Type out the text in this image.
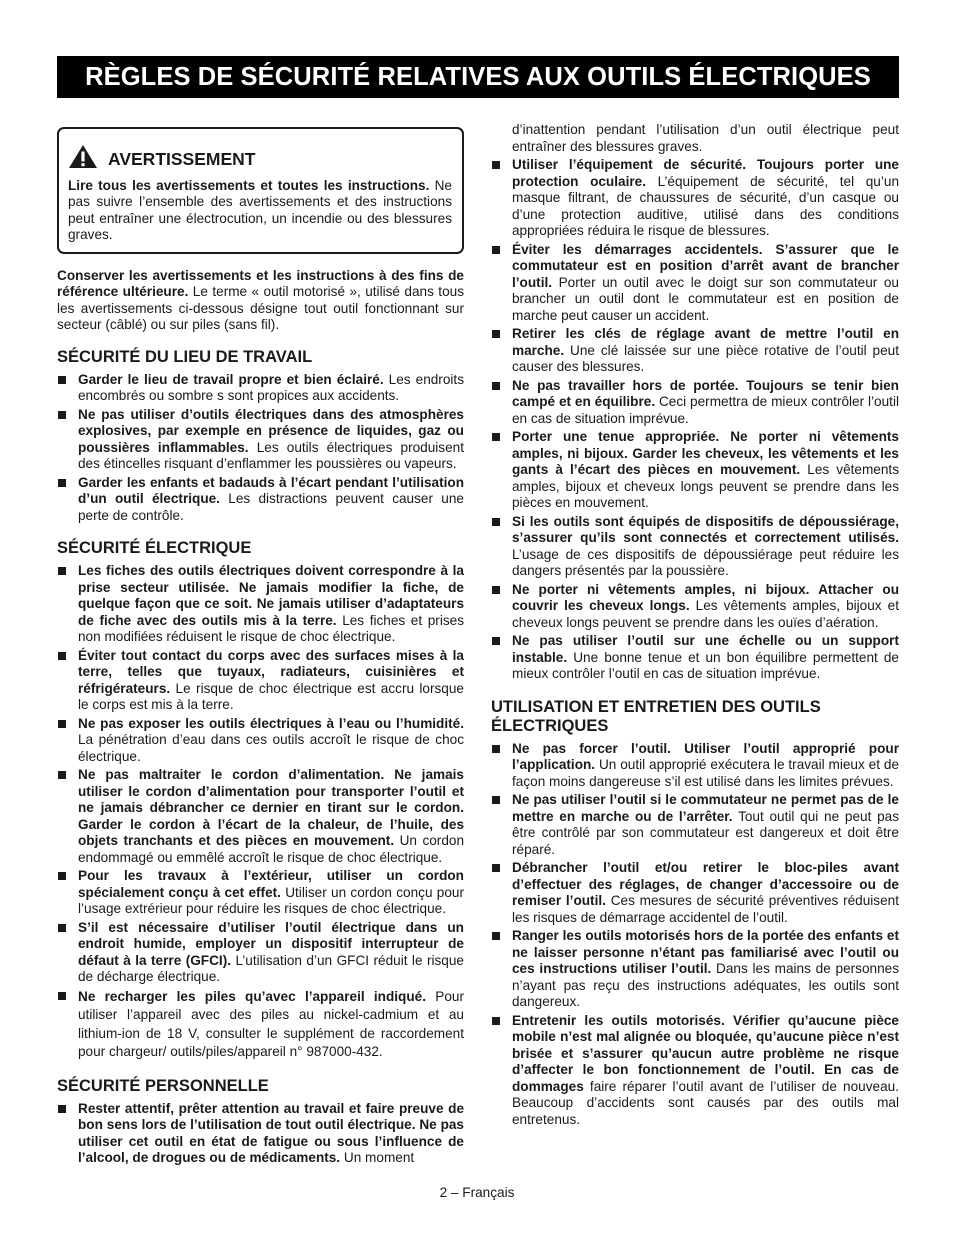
RÈGLES DE SÉCURITÉ RELATIVES AUX OUTILS ÉLECTRIQUES
AVERTISSEMENT
Lire tous les avertissements et toutes les instructions. Ne pas suivre l’ensemble des avertissements et des instructions peut entraîner une électrocution, un incendie ou des blessures graves.

Conserver les avertissements et les instructions à des fins de référence ultérieure. Le terme « outil motorisé », utilisé dans tous les avertissements ci-dessous désigne tout outil fonctionnant sur secteur (câblé) ou sur piles (sans fil).

SÉCURITÉ DU LIEU DE TRAVAIL
Garder le lieu de travail propre et bien éclairé. Les endroits encombrés ou sombre s sont propices aux accidents.
Ne pas utiliser d’outils électriques dans des atmosphères explosives, par exemple en présence de liquides, gaz ou poussières inflammables. Les outils électriques produisent des étincelles risquant d’enflammer les poussières ou vapeurs.
Garder les enfants et badauds à l’écart pendant l’utilisation d’un outil électrique. Les distractions peuvent causer une perte de contrôle.
SÉCURITÉ ÉLECTRIQUE
Les fiches des outils électriques doivent correspondre à la prise secteur utilisée. Ne jamais modifier la fiche, de quelque façon que ce soit. Ne jamais utiliser d’adaptateurs de fiche avec des outils mis à la terre. Les fiches et prises non modifiées réduisent le risque de choc électrique.
Éviter tout contact du corps avec des surfaces mises à la terre, telles que tuyaux, radiateurs, cuisinières et réfrigérateurs. Le risque de choc électrique est accru lorsque le corps est mis à la terre.
Ne pas exposer les outils électriques à l’eau ou l’humidité. La pénétration d’eau dans ces outils accroît le risque de choc électrique.
Ne pas maltraiter le cordon d’alimentation. Ne jamais utiliser le cordon d’alimentation pour transporter l’outil et ne jamais débrancher ce dernier en tirant sur le cordon. Garder le cordon à l’écart de la chaleur, de l’huile, des objets tranchants et des pièces en mouvement. Un cordon endommagé ou emmêlé accroît le risque de choc électrique.
Pour les travaux à l’extérieur, utiliser un cordon spécialement conçu à cet effet. Utiliser un cordon conçu pour l’usage extrérieur pour réduire les risques de choc électrique.
S’il est nécessaire d’utiliser l’outil électrique dans un endroit humide, employer un dispositif interrupteur de défaut à la terre (GFCI). L’utilisation d’un GFCI réduit le risque de décharge électrique.
Ne recharger les piles qu’avec l’appareil indiqué. Pour utiliser l’appareil avec des piles au nickel-cadmium et au lithium-ion de 18 V, consulter le supplément de raccordement pour chargeur/ outils/piles/appareil n° 987000-432.
SÉCURITÉ PERSONNELLE
Rester attentif, prêter attention au travail et faire preuve de bon sens lors de l’utilisation de tout outil électrique. Ne pas utiliser cet outil en état de fatigue ou sous l’influence de l’alcool, de drogues ou de médicaments. Un moment

d’inattention pendant l’utilisation d’un outil électrique peut entraîner des blessures graves.

Utiliser l’équipement de sécurité. Toujours porter une protection oculaire. L’équipement de sécurité, tel qu’un masque filtrant, de chaussures de sécurité, d’un casque ou d’une protection auditive, utilisé dans des conditions appropriées réduira le risque de blessures.
Éviter les démarrages accidentels. S’assurer que le commutateur est en position d’arrêt avant de brancher l’outil. Porter un outil avec le doigt sur son commutateur ou brancher un outil dont le commutateur est en position de marche peut causer un accident.
Retirer les clés de réglage avant de mettre l’outil en marche. Une clé laissée sur une pièce rotative de l’outil peut causer des blessures.
Ne pas travailler hors de portée. Toujours se tenir bien campé et en équilibre. Ceci permettra de mieux contrôler l’outil en cas de situation imprévue.
Porter une tenue appropriée. Ne porter ni vêtements amples, ni bijoux. Garder les cheveux, les vêtements et les gants à l’écart des pièces en mouvement. Les vêtements amples, bijoux et cheveux longs peuvent se prendre dans les pièces en mouvement.
Si les outils sont équipés de dispositifs de dépoussiérage, s’assurer qu’ils sont connectés et correctement utilisés. L’usage de ces dispositifs de dépoussiérage peut réduire les dangers présentés par la poussière.
Ne porter ni vêtements amples, ni bijoux. Attacher ou couvrir les cheveux longs. Les vêtements amples, bijoux et cheveux longs peuvent se prendre dans les ouïes d’aération.
Ne pas utiliser l’outil sur une échelle ou un support instable. Une bonne tenue et un bon équilibre permettent de mieux contrôler l’outil en cas de situation imprévue.
UTILISATION ET ENTRETIEN DES OUTILS ÉLECTRIQUES
Ne pas forcer l’outil. Utiliser l’outil approprié pour l’application. Un outil approprié exécutera le travail mieux et de façon moins dangereuse s’il est utilisé dans les limites prévues.
Ne pas utiliser l’outil si le commutateur ne permet pas de le mettre en marche ou de l’arrêter. Tout outil qui ne peut pas être contrôlé par son commutateur est dangereux et doit être réparé.
Débrancher l’outil et/ou retirer le bloc-piles avant d’effectuer des réglages, de changer d’accessoire ou de remiser l’outil. Ces mesures de sécurité préventives réduisent les risques de démarrage accidentel de l’outil.
Ranger les outils motorisés hors de la portée des enfants et ne laisser personne n’étant pas familiarisé avec l’outil ou ces instructions utiliser l’outil. Dans les mains de personnes n’ayant pas reçu des instructions adéquates, les outils sont dangereux.
Entretenir les outils motorisés. Vérifier qu’aucune pièce mobile n’est mal alignée ou bloquée, qu’aucune pièce n’est brisée et s’assurer qu’aucun autre problème ne risque d’affecter le bon fonctionnement de l’outil. En cas de dommages faire réparer l’outil avant de l’utiliser de nouveau. Beaucoup d’accidents sont causés par des outils mal entretenus.
2 – Français
